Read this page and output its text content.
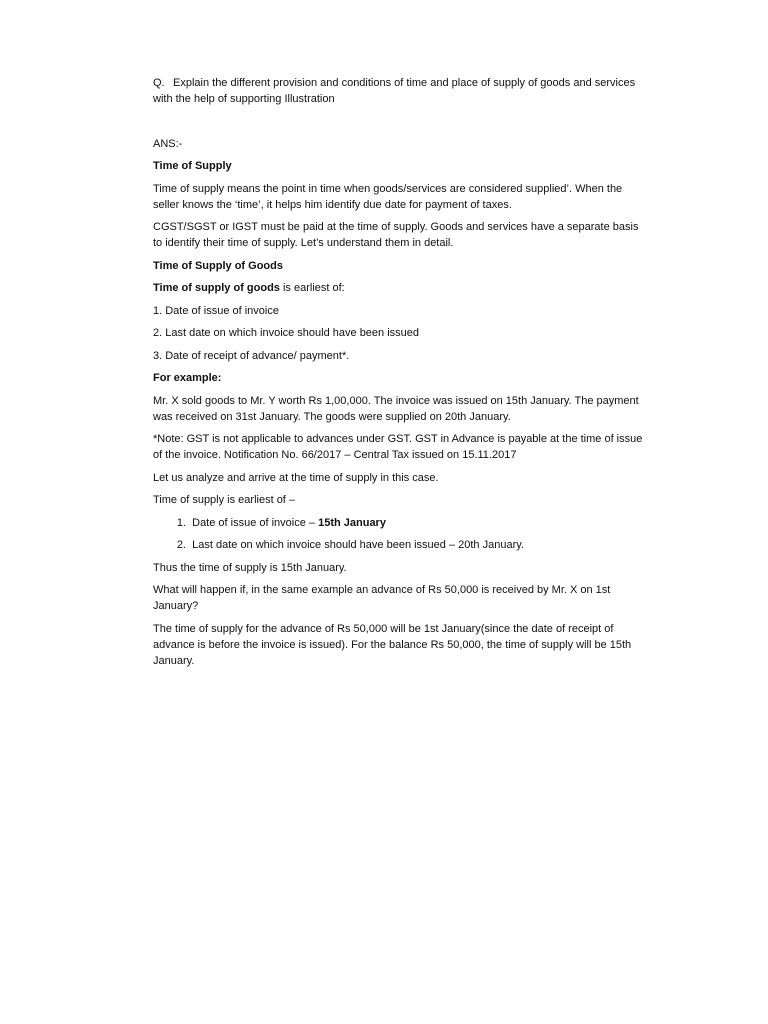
Q. Explain the different provision and conditions of time and place of supply of goods and services with the help of supporting Illustration

ANS:-

Time of Supply

Time of supply means the point in time when goods/services are considered supplied’. When the seller knows the ‘time’, it helps him identify due date for payment of taxes.

CGST/SGST or IGST must be paid at the time of supply. Goods and services have a separate basis to identify their time of supply. Let’s understand them in detail.

Time of Supply of Goods

Time of supply of goods is earliest of:

1. Date of issue of invoice

2. Last date on which invoice should have been issued

3. Date of receipt of advance/ payment*.

For example:

Mr. X sold goods to Mr. Y worth Rs 1,00,000. The invoice was issued on 15th January. The payment was received on 31st January. The goods were supplied on 20th January.

*Note: GST is not applicable to advances under GST. GST in Advance is payable at the time of issue of the invoice. Notification No. 66/2017 – Central Tax issued on 15.11.2017

Let us analyze and arrive at the time of supply in this case.

Time of supply is earliest of –

1. Date of issue of invoice – 15th January
2. Last date on which invoice should have been issued – 20th January.

Thus the time of supply is 15th January.

What will happen if, in the same example an advance of Rs 50,000 is received by Mr. X on 1st January?

The time of supply for the advance of Rs 50,000 will be 1st January(since the date of receipt of advance is before the invoice is issued). For the balance Rs 50,000, the time of supply will be 15th January.
